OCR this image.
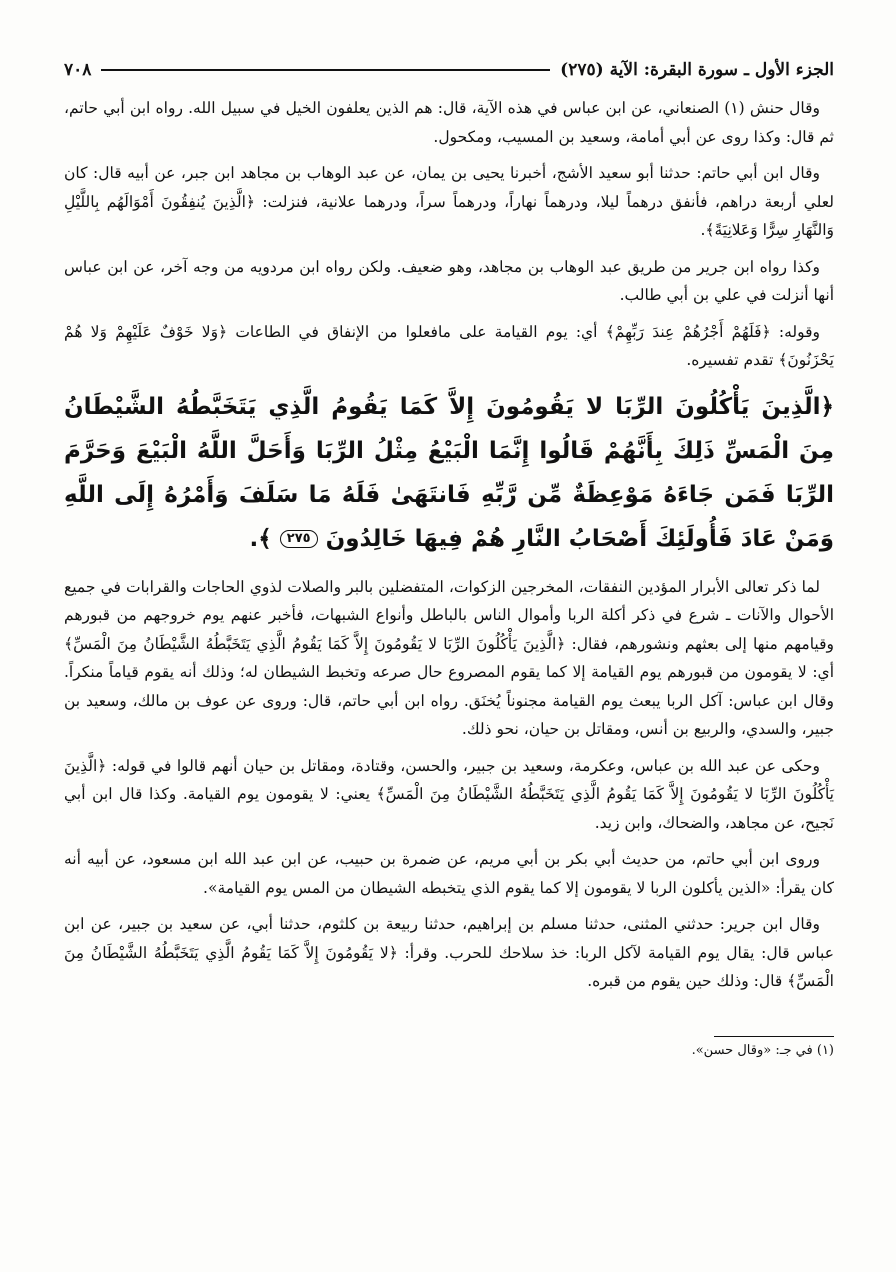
الجزء الأول ـ سورة البقرة: الآية (٢٧٥)
٧٠٨

وقال حنش (١) الصنعاني، عن ابن عباس في هذه الآية، قال: هم الذين يعلفون الخيل في سبيل الله. رواه ابن أبي حاتم، ثم قال: وكذا روى عن أبي أمامة، وسعيد بن المسيب، ومكحول.

وقال ابن أبي حاتم: حدثنا أبو سعيد الأشج، أخبرنا يحيى بن يمان، عن عبد الوهاب بن مجاهد ابن جبر، عن أبيه قال: كان لعلي أربعة دراهم، فأنفق درهماً ليلا، ودرهماً نهاراً، ودرهماً سراً، ودرهما علانية، فنزلت: ﴿الَّذِينَ يُنفِقُونَ أَمْوَالَهُم بِاللَّيْلِ وَالنَّهَارِ سِرًّا وَعَلانِيَةً﴾.

وكذا رواه ابن جرير من طريق عبد الوهاب بن مجاهد، وهو ضعيف. ولكن رواه ابن مردويه من وجه آخر، عن ابن عباس أنها أنزلت في علي بن أبي طالب.

وقوله: ﴿فَلَهُمْ أَجْرُهُمْ عِندَ رَبِّهِمْ﴾ أي: يوم القيامة على مافعلوا من الإنفاق في الطاعات ﴿وَلا خَوْفٌ عَلَيْهِمْ وَلا هُمْ يَحْزَنُونَ﴾ تقدم تفسيره.

﴿الَّذِينَ يَأْكُلُونَ الرِّبَا لا يَقُومُونَ إِلاَّ كَمَا يَقُومُ الَّذِي يَتَخَبَّطُهُ الشَّيْطَانُ مِنَ الْمَسِّ ذَلِكَ بِأَنَّهُمْ قَالُوا إِنَّمَا الْبَيْعُ مِثْلُ الرِّبَا وَأَحَلَّ اللَّهُ الْبَيْعَ وَحَرَّمَ الرِّبَا فَمَن جَاءَهُ مَوْعِظَةٌ مِّن رَّبِّهِ فَانتَهَىٰ فَلَهُ مَا سَلَفَ وَأَمْرُهُ إِلَى اللَّهِ وَمَنْ عَادَ فَأُولَئِكَ أَصْحَابُ النَّارِ هُمْ فِيهَا خَالِدُونَ ٢٧٥ ﴾.

لما ذكر تعالى الأبرار المؤدين النفقات، المخرجين الزكوات، المتفضلين بالبر والصلات لذوي الحاجات والقرابات في جميع الأحوال والآنات ـ شرع في ذكر أكلة الربا وأموال الناس بالباطل وأنواع الشبهات، فأخبر عنهم يوم خروجهم من قبورهم وقيامهم منها إلى بعثهم ونشورهم، فقال: ﴿الَّذِينَ يَأْكُلُونَ الرِّبَا لا يَقُومُونَ إِلاَّ كَمَا يَقُومُ الَّذِي يَتَخَبَّطُهُ الشَّيْطَانُ مِنَ الْمَسِّ﴾ أي: لا يقومون من قبورهم يوم القيامة إلا كما يقوم المصروع حال صرعه وتخبط الشيطان له؛ وذلك أنه يقوم قياماً منكراً. وقال ابن عباس: آكل الربا يبعث يوم القيامة مجنوناً يُخنَق. رواه ابن أبي حاتم، قال: وروى عن عوف بن مالك، وسعيد بن جبير، والسدي، والربيع بن أنس، ومقاتل بن حيان، نحو ذلك.

وحكى عن عبد الله بن عباس، وعكرمة، وسعيد بن جبير، والحسن، وقتادة، ومقاتل بن حيان أنهم قالوا في قوله: ﴿الَّذِينَ يَأْكُلُونَ الرِّبَا لا يَقُومُونَ إِلاَّ كَمَا يَقُومُ الَّذِي يَتَخَبَّطُهُ الشَّيْطَانُ مِنَ الْمَسِّ﴾ يعني: لا يقومون يوم القيامة. وكذا قال ابن أبي نَجيح، عن مجاهد، والضحاك، وابن زيد.

وروى ابن أبي حاتم، من حديث أبي بكر بن أبي مريم، عن ضمرة بن حبيب، عن ابن عبد الله ابن مسعود، عن أبيه أنه كان يقرأ: «الذين يأكلون الربا لا يقومون إلا كما يقوم الذي يتخبطه الشيطان من المس يوم القيامة».

وقال ابن جرير: حدثني المثنى، حدثنا مسلم بن إبراهيم، حدثنا ربيعة بن كلثوم، حدثنا أبي، عن سعيد بن جبير، عن ابن عباس قال: يقال يوم القيامة لآكل الربا: خذ سلاحك للحرب. وقرأ: ﴿لا يَقُومُونَ إِلاَّ كَمَا يَقُومُ الَّذِي يَتَخَبَّطُهُ الشَّيْطَانُ مِنَ الْمَسِّ﴾ قال: وذلك حين يقوم من قبره.

(١) في جـ: «وقال حسن».
